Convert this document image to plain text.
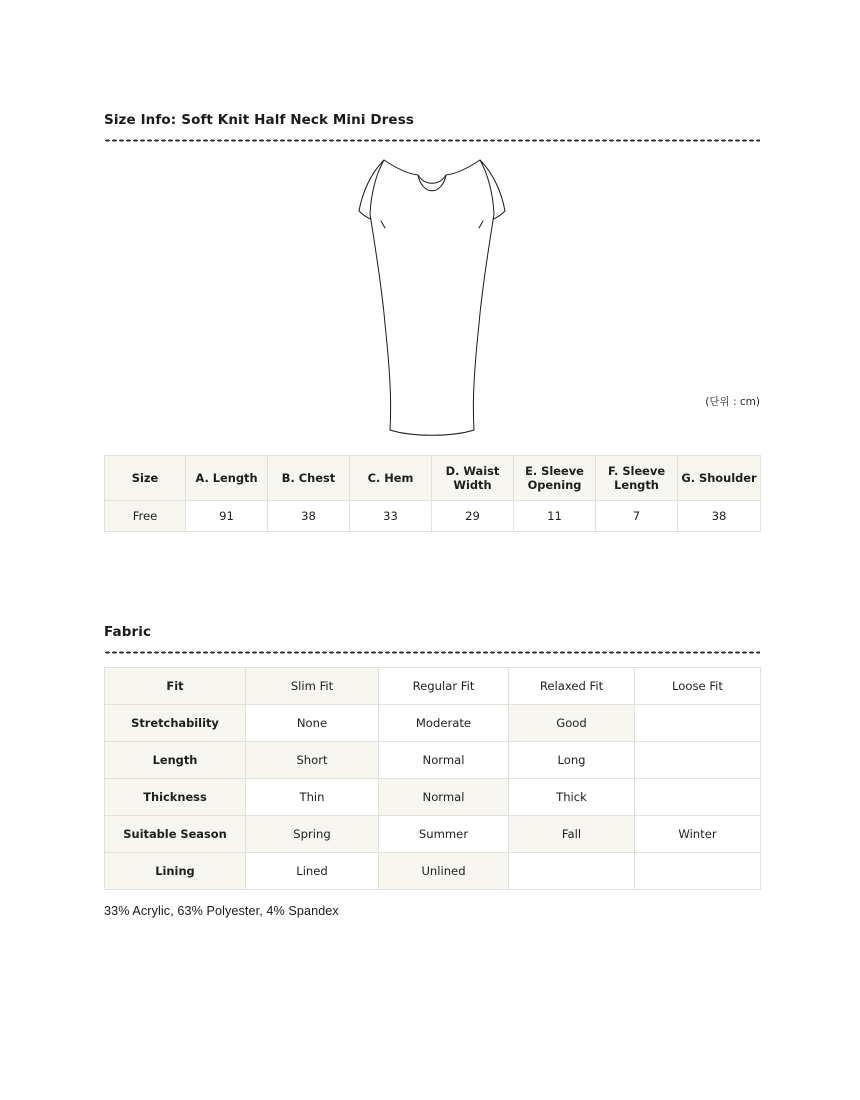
Size Info: Soft Knit Half Neck Mini Dress
(단위 : cm)
Size	A. Length	B. Chest	C. Hem	D. Waist Width	E. Sleeve Opening	F. Sleeve Length	G. Shoulder
Free	91	38	33	29	11	7	38
Fabric
Fit	Slim Fit	Regular Fit	Relaxed Fit	Loose Fit
Stretchability	None	Moderate	Good	
Length	Short	Normal	Long	
Thickness	Thin	Normal	Thick	
Suitable Season	Spring	Summer	Fall	Winter
Lining	Lined	Unlined		
33% Acrylic, 63% Polyester, 4% Spandex
